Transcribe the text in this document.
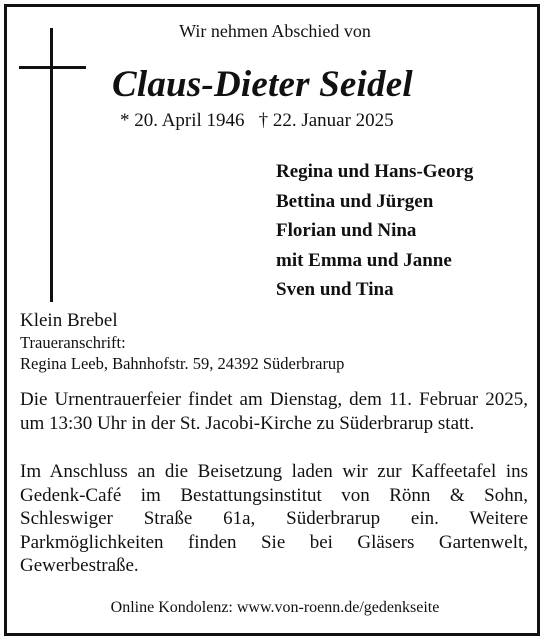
Wir nehmen Abschied von
Claus-Dieter Seidel
* 20. April 1946 † 22. Januar 2025
Regina und Hans-Georg
Bettina und Jürgen
Florian und Nina
mit Emma und Janne
Sven und Tina
Klein Brebel
Traueranschrift:
Regina Leeb, Bahnhofstr. 59, 24392 Süderbrarup
Die Urnentrauerfeier findet am Dienstag, dem 11. Februar 2025, um 13:30 Uhr in der St. Jacobi-Kirche zu Süderbrarup statt.
Im Anschluss an die Beisetzung laden wir zur Kaffeetafel ins Gedenk-Café im Bestattungsinstitut von Rönn & Sohn, Schleswiger Straße 61a, Süderbrarup ein. Weitere Parkmöglichkeiten finden Sie bei Gläsers Gartenwelt, Gewerbestraße.
Online Kondolenz: www.von-roenn.de/gedenkseite
